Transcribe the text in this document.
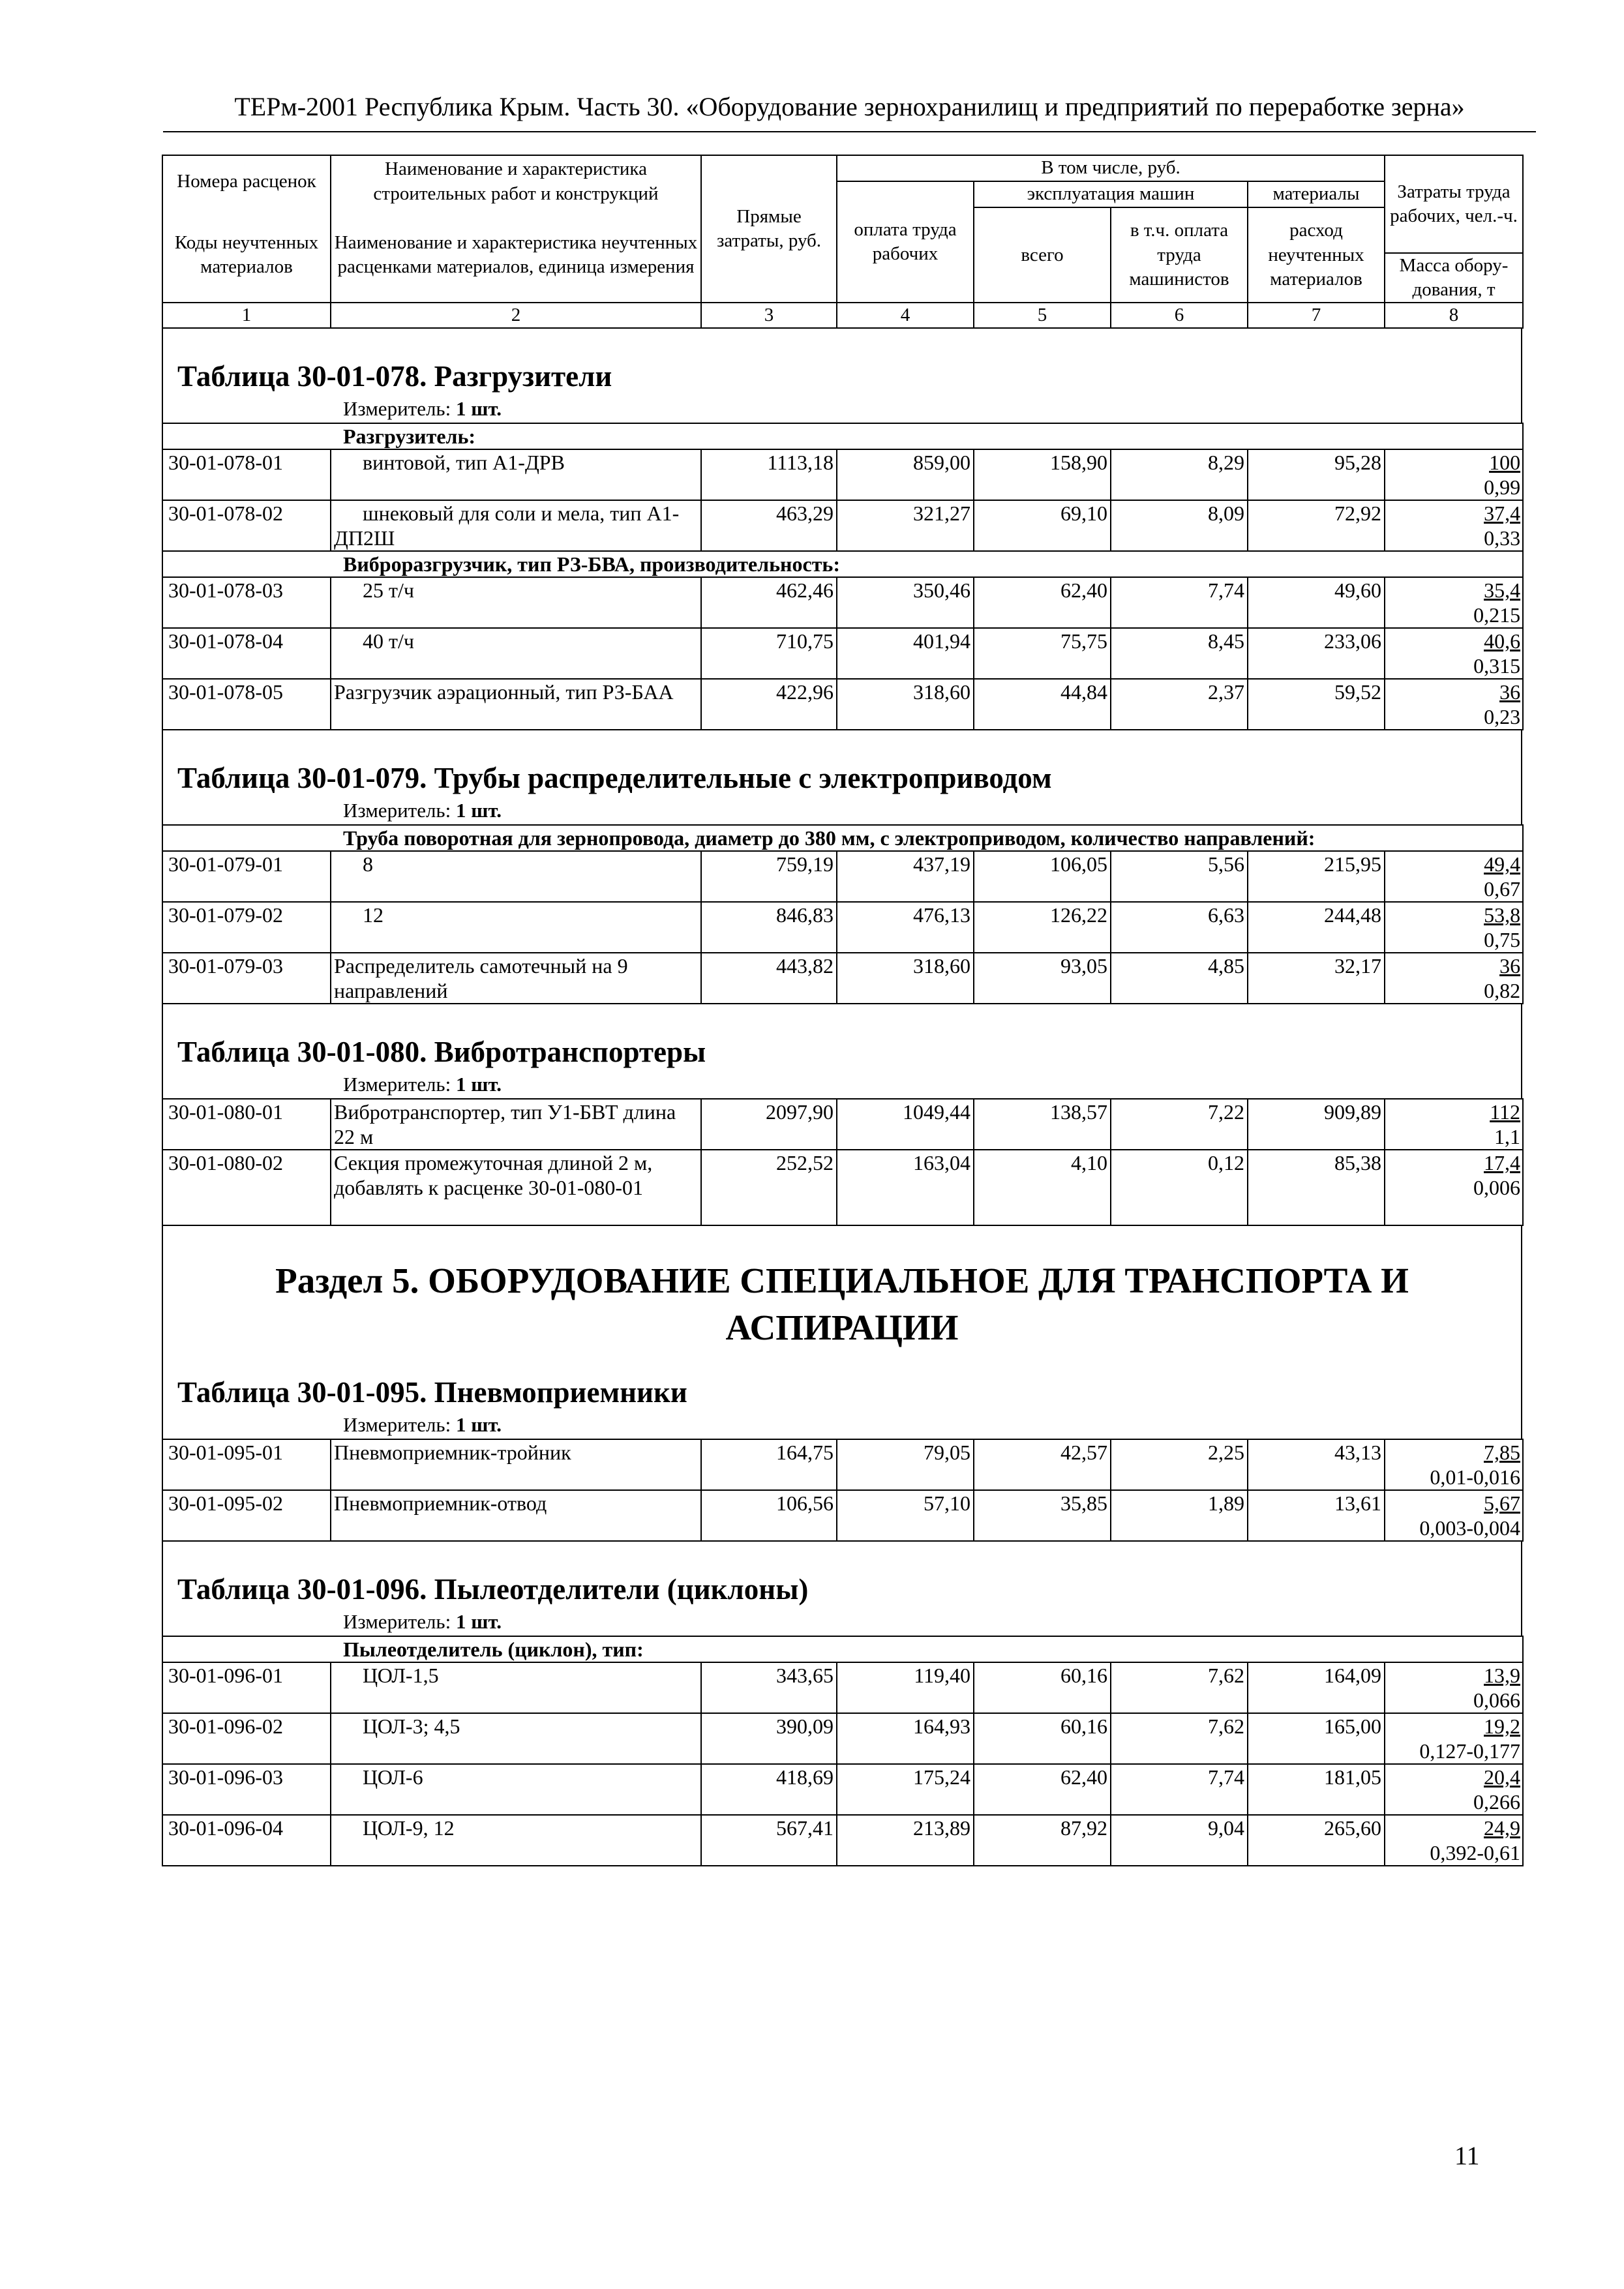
ТЕРм-2001 Республика Крым. Часть 30. «Оборудование зернохранилищ и предприятий по переработке зерна»
Номера расценок	Наименование и характеристика строительных работ и конструкций	Прямые затраты, руб.	В том числе, руб.				Затраты труда рабочих, чел.-ч.
			оплата труда рабочих	эксплуатация машин		материалы	
Коды неучтенных материалов	Наименование и характеристика неучтенных расценками материалов, единица измерения			всего	в т.ч. оплата труда машинистов	расход неучтенных материалов	
							Масса обору-дования, т
1	2	3	4	5	6	7	8
Таблица 30-01-078. Разгрузители
Измеритель: 1 шт.
Разгрузитель:							
30-01-078-01	винтовой, тип А1-ДРВ	1113,18	859,00	158,90	8,29	95,28	100
0,99

30-01-078-02	шнековый для соли и мела, тип А1-ДП2Ш	463,29	321,27	69,10	8,09	72,92	37,4
0,33

Виброразгрузчик, тип РЗ-БВА, производительность:							
30-01-078-03	25 т/ч	462,46	350,46	62,40	7,74	49,60	35,4
0,215

30-01-078-04	40 т/ч	710,75	401,94	75,75	8,45	233,06	40,6
0,315

30-01-078-05	Разгрузчик аэрационный, тип РЗ-БАА	422,96	318,60	44,84	2,37	59,52	36
0,23
Таблица 30-01-079. Трубы распределительные с электроприводом
Измеритель: 1 шт.
Труба поворотная для зернопровода, диаметр до 380 мм, с электроприводом, количество направлений:							
30-01-079-01	8	759,19	437,19	106,05	5,56	215,95	49,4
0,67

30-01-079-02	12	846,83	476,13	126,22	6,63	244,48	53,8
0,75

30-01-079-03	Распределитель самотечный на 9 направлений	443,82	318,60	93,05	4,85	32,17	36
0,82
Таблица 30-01-080. Вибротранспортеры
Измеритель: 1 шт.
30-01-080-01	Вибротранспортер, тип У1-БВТ длина 22 м	2097,90	1049,44	138,57	7,22	909,89	112
1,1

30-01-080-02	Секция промежуточная длиной 2 м, добавлять к расценке 30-01-080-01	252,52	163,04	4,10	0,12	85,38	17,4
0,006
Раздел 5. ОБОРУДОВАНИЕ СПЕЦИАЛЬНОЕ ДЛЯ ТРАНСПОРТА И АСПИРАЦИИ
Таблица 30-01-095. Пневмоприемники
Измеритель: 1 шт.
30-01-095-01	Пневмоприемник-тройник	164,75	79,05	42,57	2,25	43,13	7,85
0,01-0,016

30-01-095-02	Пневмоприемник-отвод	106,56	57,10	35,85	1,89	13,61	5,67
0,003-0,004
Таблица 30-01-096. Пылеотделители (циклоны)
Измеритель: 1 шт.
Пылеотделитель (циклон), тип:							
30-01-096-01	ЦОЛ-1,5	343,65	119,40	60,16	7,62	164,09	13,9
0,066

30-01-096-02	ЦОЛ-3; 4,5	390,09	164,93	60,16	7,62	165,00	19,2
0,127-0,177

30-01-096-03	ЦОЛ-6	418,69	175,24	62,40	7,74	181,05	20,4
0,266

30-01-096-04	ЦОЛ-9, 12	567,41	213,89	87,92	9,04	265,60	24,9
0,392-0,61
11
